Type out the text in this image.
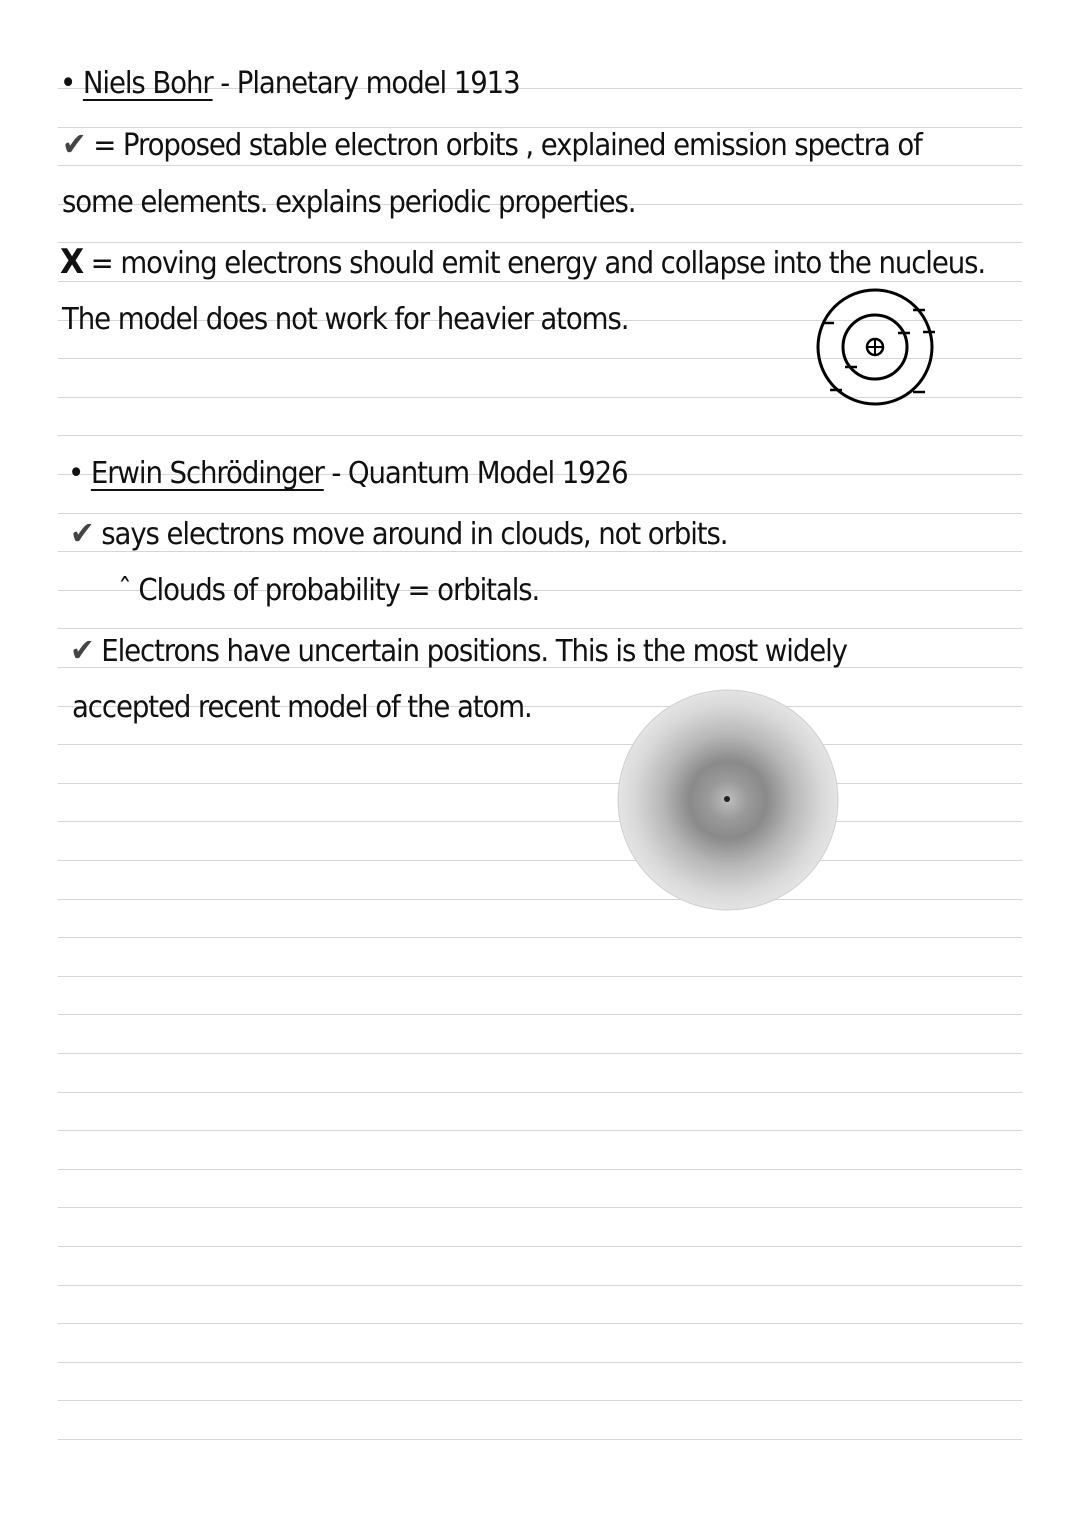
• Niels Bohr - Planetary model 1913
✔ = Proposed stable electron orbits , explained emission spectra of
some elements. explains periodic properties.
X = moving electrons should emit energy and collapse into the nucleus.
The model does not work for heavier atoms.
• Erwin Schrödinger - Quantum Model 1926
✔ says electrons move around in clouds, not orbits.
ˆ Clouds of probability = orbitals.
✔ Electrons have uncertain positions. This is the most widely
accepted recent model of the atom.
